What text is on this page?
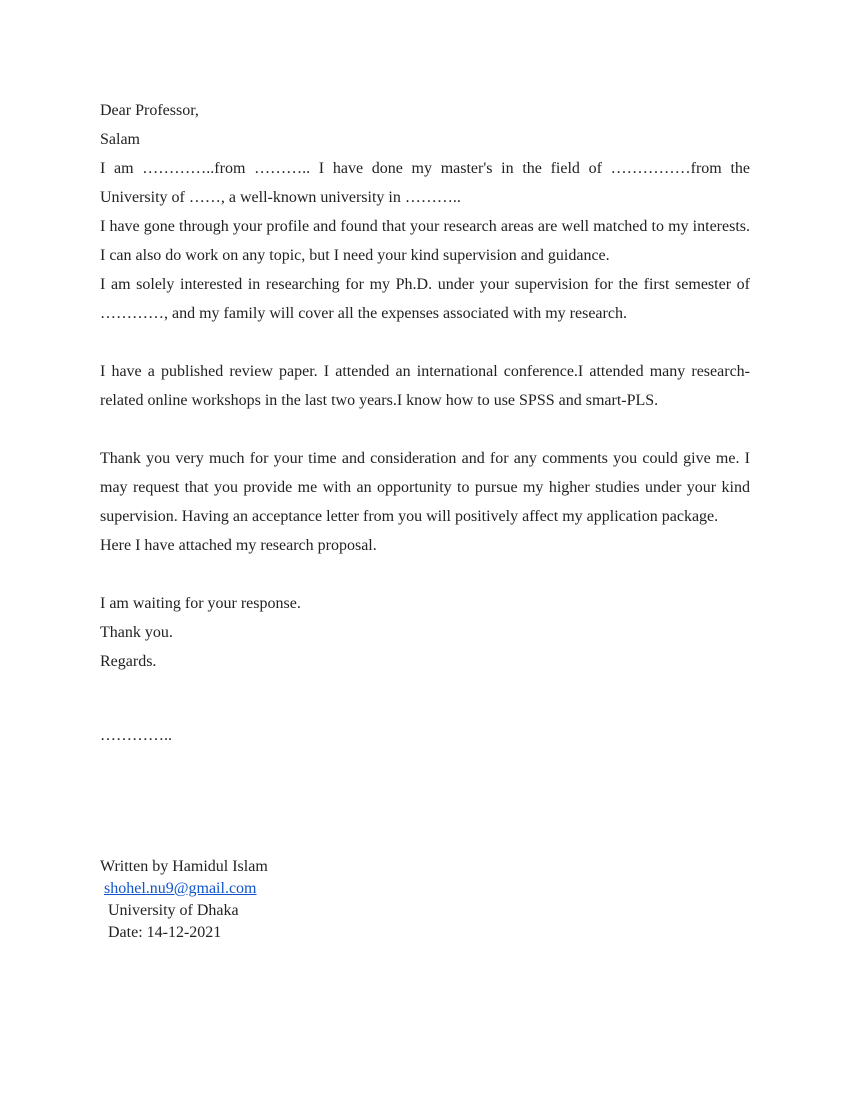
Dear Professor,
Salam
I am …………..from ……….. I have done my master's in the field of ……………from the University of ……, a well-known university in ………..
I have gone through your profile and found that your research areas are well matched to my interests. I can also do work on any topic, but I need your kind supervision and guidance.
I am solely interested in researching for my Ph.D. under your supervision for the first semester of …………, and my family will cover all the expenses associated with my research.
I have a published review paper. I attended an international conference.I attended many research-related online workshops in the last two years.I know how to use SPSS and smart-PLS.
Thank you very much for your time and consideration and for any comments you could give me. I may request that you provide me with an opportunity to pursue my higher studies under your kind supervision. Having an acceptance letter from you will positively affect my application package.
Here I have attached my research proposal.
I am waiting for your response.
Thank you.
Regards.
…………..
Written by Hamidul Islam
shohel.nu9@gmail.com
University of Dhaka
Date: 14-12-2021
